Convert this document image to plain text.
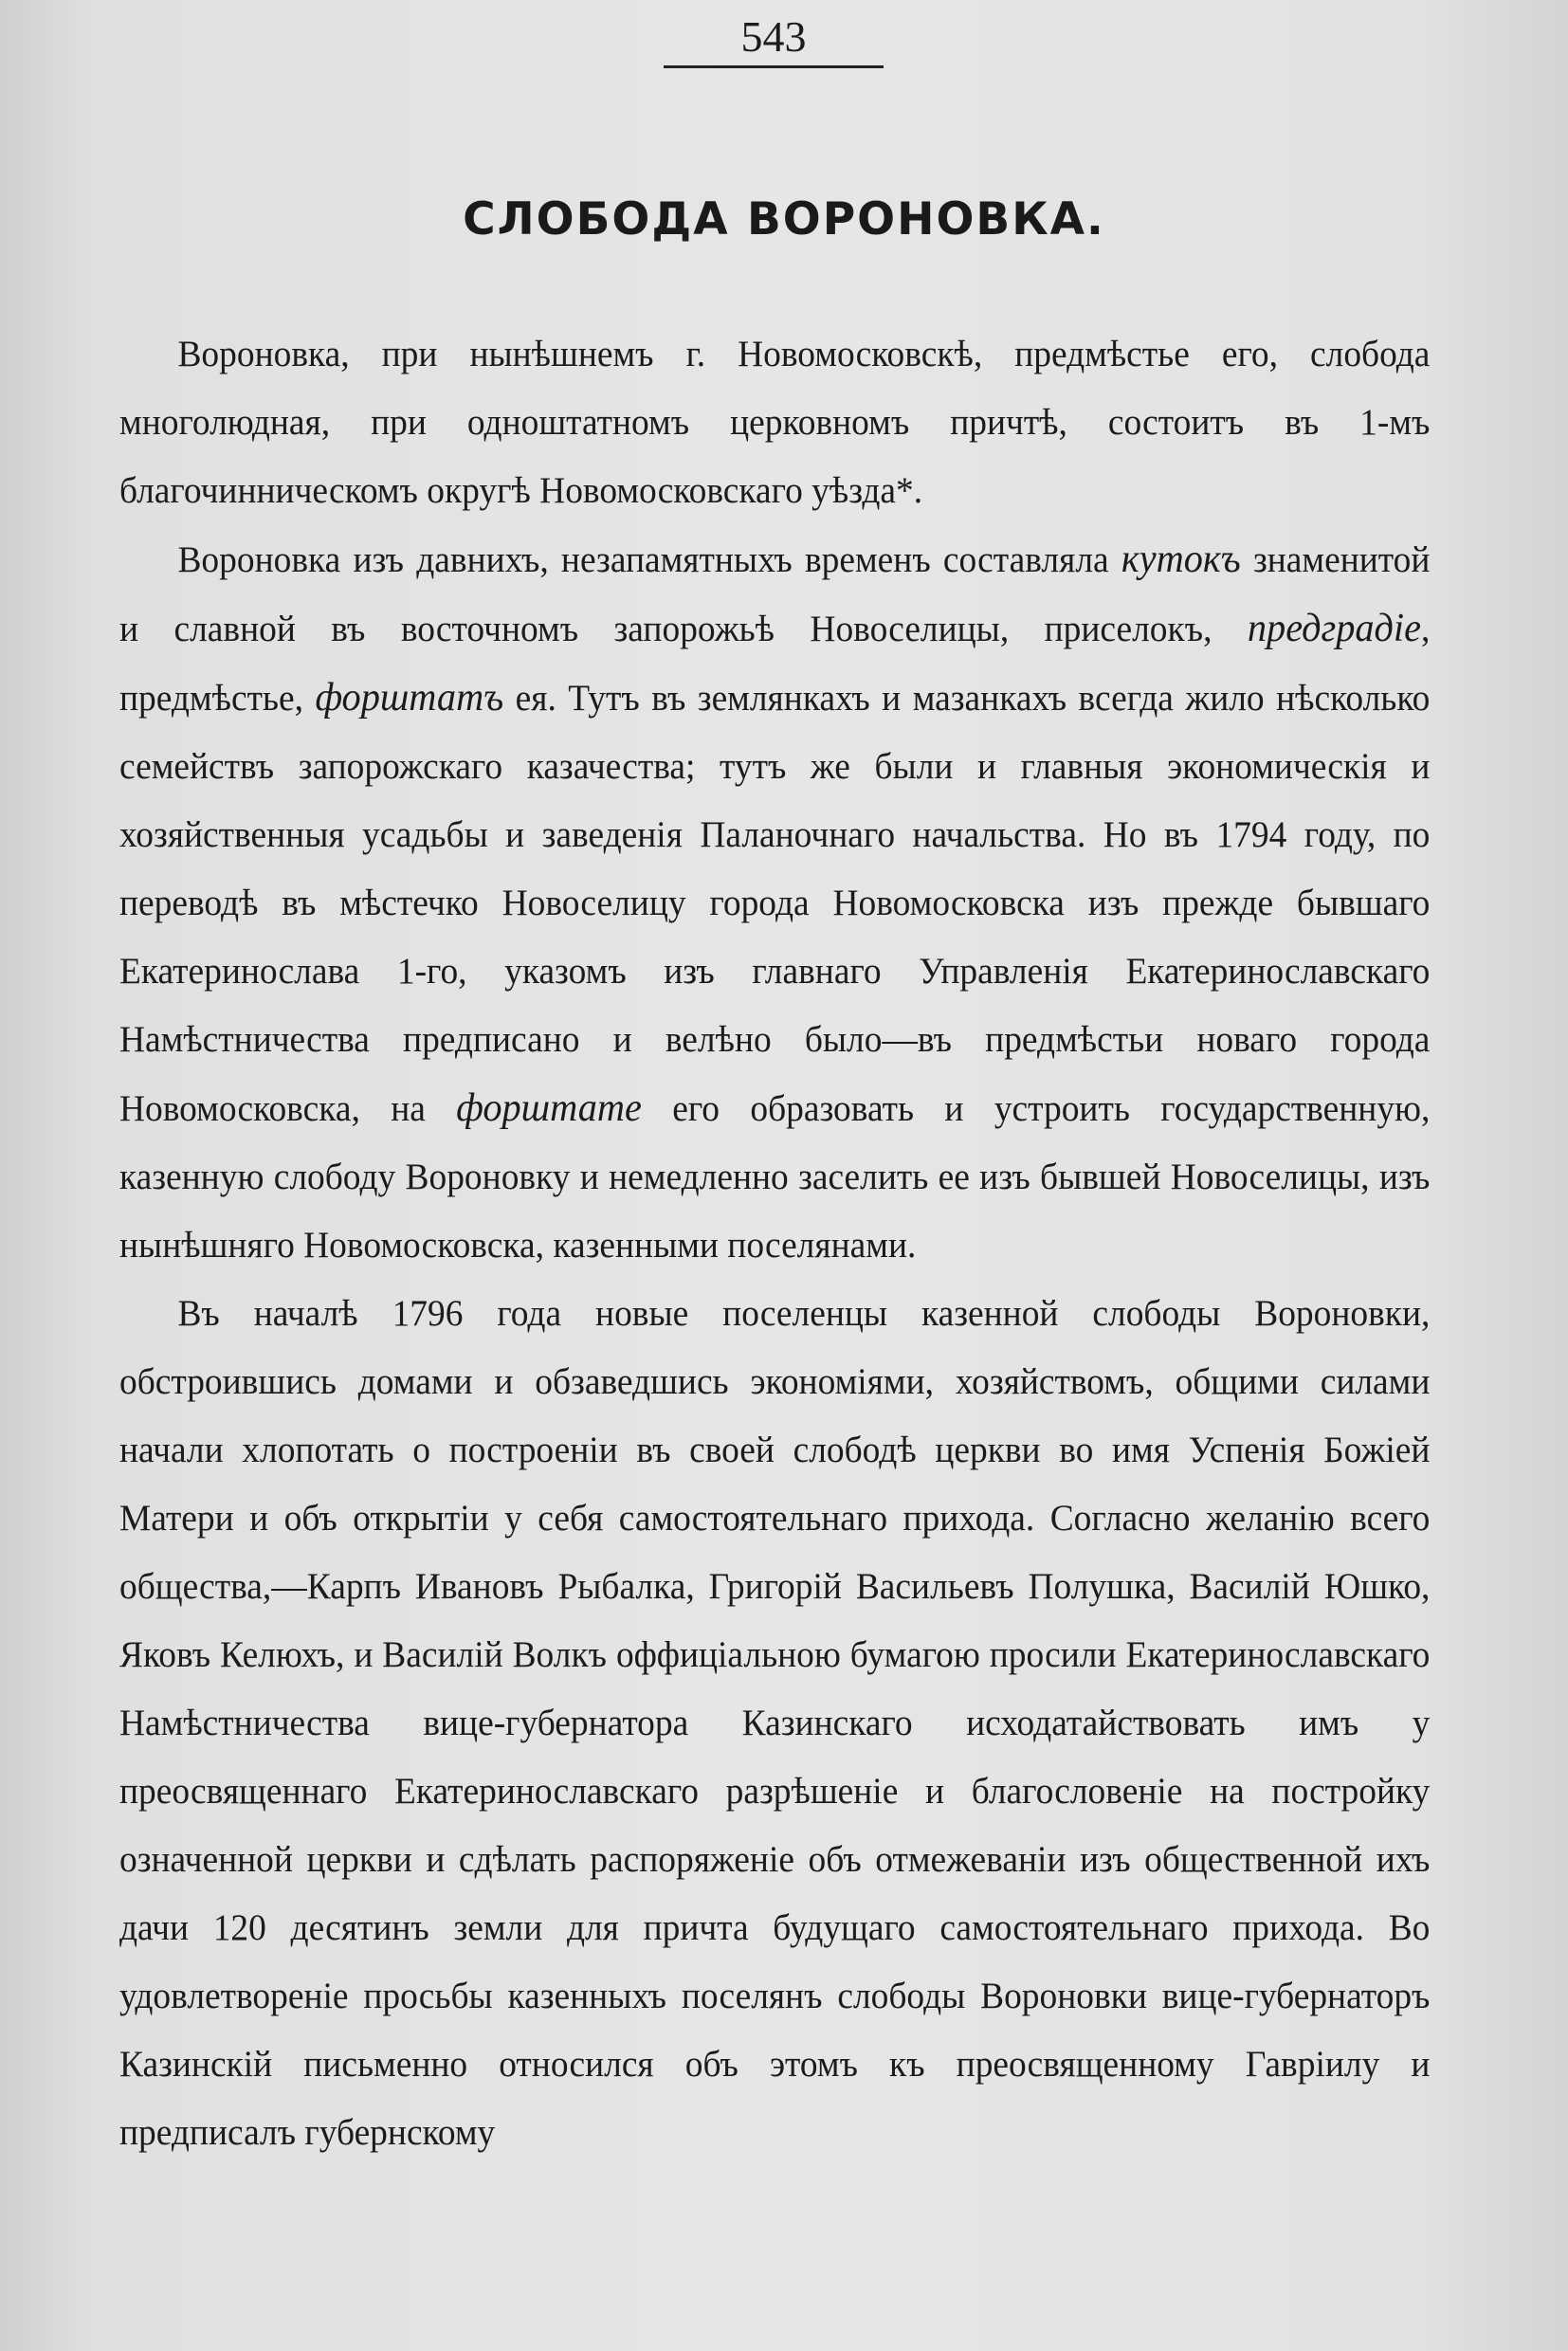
543
СЛОБОДА ВОРОНОВКА.

Вороновка, при нынѣшнемъ г. Новомосковскѣ, предмѣстье его, слобода многолюдная, при одноштатномъ церковномъ причтѣ, состоитъ въ 1-мъ благочинническомъ округѣ Новомосковскаго уѣзда*.

Вороновка изъ давнихъ, незапамятныхъ временъ составляла кутокъ знаменитой и славной въ восточномъ запорожьѣ Новоселицы, приселокъ, предградіе, предмѣстье, форштатъ ея. Тутъ въ землянкахъ и мазанкахъ всегда жило нѣсколько семействъ запорожскаго казачества; тутъ же были и главныя экономическія и хозяйственныя усадьбы и заведенія Паланочнаго начальства. Но въ 1794 году, по переводѣ въ мѣстечко Новоселицу города Новомосковска изъ прежде бывшаго Екатеринослава 1-го, указомъ изъ главнаго Управленія Екатеринославскаго Намѣстничества предписано и велѣно было—въ предмѣстьи новаго города Новомосковска, на форштате его образовать и устроить государственную, казенную слободу Вороновку и немедленно заселить ее изъ бывшей Новоселицы, изъ нынѣшняго Новомосковска, казенными поселянами.

Въ началѣ 1796 года новые поселенцы казенной слободы Вороновки, обстроившись домами и обзаведшись экономіями, хозяйствомъ, общими силами начали хлопотать о построеніи въ своей слободѣ церкви во имя Успенія Божіей Матери и объ открытіи у себя самостоятельнаго прихода. Согласно желанію всего общества,—Карпъ Ивановъ Рыбалка, Григорій Васильевъ Полушка, Василій Юшко, Яковъ Келюхъ, и Василій Волкъ оффиціальною бумагою просили Екатеринославскаго Намѣстничества вице-губернатора Казинскаго исходатайствовать имъ у преосвященнаго Екатеринославскаго разрѣшеніе и благословеніе на постройку означенной церкви и сдѣлать распоряженіе объ отмежеваніи изъ общественной ихъ дачи 120 десятинъ земли для причта будущаго самостоятельнаго прихода. Во удовлетвореніе просьбы казенныхъ поселянъ слободы Вороновки вице-губернаторъ Казинскій письменно относился объ этомъ къ преосвященному Гавріилу и предписалъ губернскому
